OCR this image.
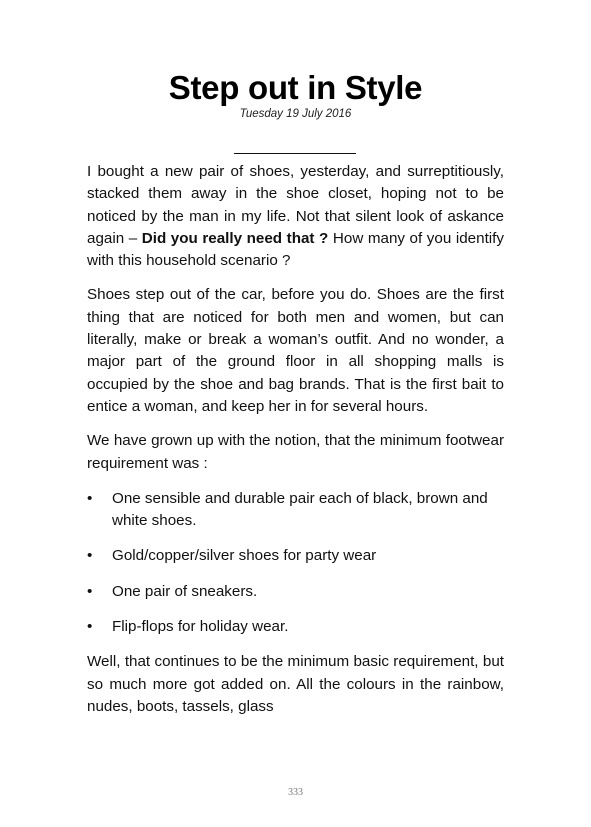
Step out in Style
Tuesday 19 July 2016

I bought a new pair of shoes, yesterday, and surreptitiously, stacked them away in the shoe closet, hoping not to be noticed by the man in my life. Not that silent look of askance again – Did you really need that ? How many of you identify with this household scenario ?

Shoes step out of the car, before you do. Shoes are the first thing that are noticed for both men and women, but can literally, make or break a woman’s outfit. And no wonder, a major part of the ground floor in all shopping malls is occupied by the shoe and bag brands. That is the first bait to entice a woman, and keep her in for several hours.

We have grown up with the notion, that the minimum footwear requirement was :

• One sensible and durable pair each of black, brown and white shoes.
• Gold/copper/silver shoes for party wear
• One pair of sneakers.
• Flip-flops for holiday wear.

Well, that continues to be the minimum basic requirement, but so much more got added on. All the colours in the rainbow, nudes, boots, tassels, glass

333
